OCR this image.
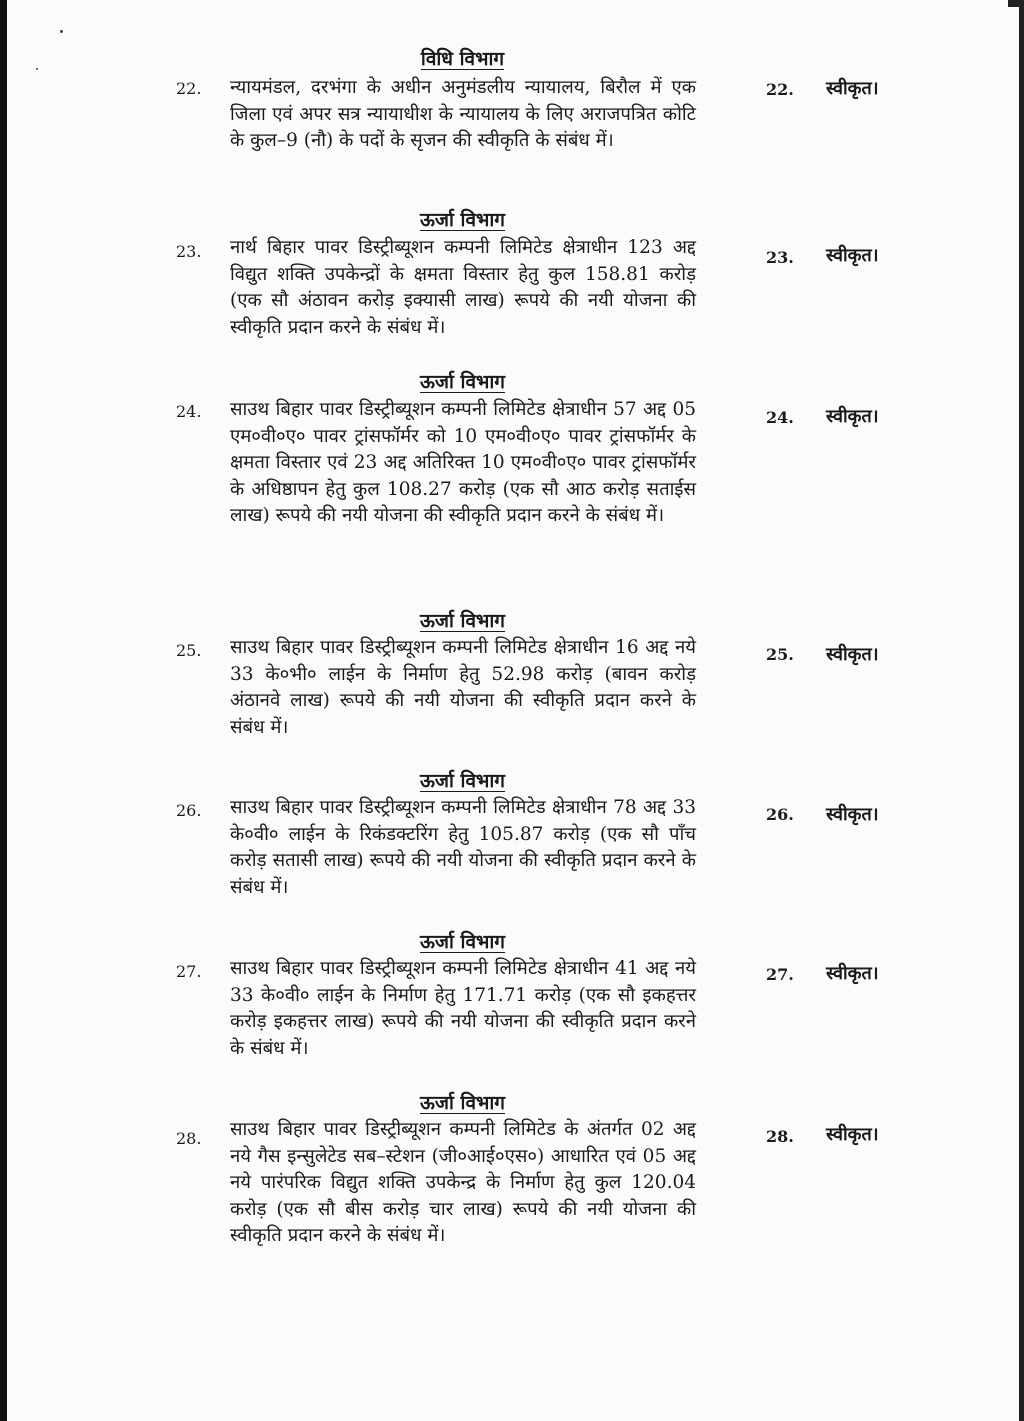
विधि विभाग
22. न्यायमंडल, दरभंगा के अधीन अनुमंडलीय न्यायालय, बिरौल में एक जिला एवं अपर सत्र न्यायाधीश के न्यायालय के लिए अराजपत्रित कोटि के कुल–9 (नौ) के पदों के सृजन की स्वीकृति के संबंध में।

22. स्वीकृत।
ऊर्जा विभाग
23. नार्थ बिहार पावर डिस्ट्रीब्यूशन कम्पनी लिमिटेड क्षेत्राधीन 123 अद्द विद्युत शक्ति उपकेन्द्रों के क्षमता विस्तार हेतु कुल 158.81 करोड़ (एक सौ अंठावन करोड़ इक्यासी लाख) रूपये की नयी योजना की स्वीकृति प्रदान करने के संबंध में।

23. स्वीकृत।
ऊर्जा विभाग
24. साउथ बिहार पावर डिस्ट्रीब्यूशन कम्पनी लिमिटेड क्षेत्राधीन 57 अद्द 05 एम०वी०ए० पावर ट्रांसफॉर्मर को 10 एम०वी०ए० पावर ट्रांसफॉर्मर के क्षमता विस्तार एवं 23 अद्द अतिरिक्त 10 एम०वी०ए० पावर ट्रांसफॉर्मर के अधिष्ठापन हेतु कुल 108.27 करोड़ (एक सौ आठ करोड़ सताईस लाख) रूपये की नयी योजना की स्वीकृति प्रदान करने के संबंध में।

24. स्वीकृत।
ऊर्जा विभाग
25. साउथ बिहार पावर डिस्ट्रीब्यूशन कम्पनी लिमिटेड क्षेत्राधीन 16 अद्द नये 33 के०भी० लाईन के निर्माण हेतु 52.98 करोड़ (बावन करोड़ अंठानवे लाख) रूपये की नयी योजना की स्वीकृति प्रदान करने के संबंध में।

25. स्वीकृत।
ऊर्जा विभाग
26. साउथ बिहार पावर डिस्ट्रीब्यूशन कम्पनी लिमिटेड क्षेत्राधीन 78 अद्द 33 के०वी० लाईन के रिकंडक्टरिंग हेतु 105.87 करोड़ (एक सौ पाँच करोड़ सतासी लाख) रूपये की नयी योजना की स्वीकृति प्रदान करने के संबंध में।

26. स्वीकृत।
ऊर्जा विभाग
27. साउथ बिहार पावर डिस्ट्रीब्यूशन कम्पनी लिमिटेड क्षेत्राधीन 41 अद्द नये 33 के०वी० लाईन के निर्माण हेतु 171.71 करोड़ (एक सौ इकहत्तर करोड़ इकहत्तर लाख) रूपये की नयी योजना की स्वीकृति प्रदान करने के संबंध में।

27. स्वीकृत।
ऊर्जा विभाग
28. साउथ बिहार पावर डिस्ट्रीब्यूशन कम्पनी लिमिटेड के अंतर्गत 02 अद्द नये गैस इन्सुलेटेड सब–स्टेशन (जी०आई०एस०) आधारित एवं 05 अद्द नये पारंपरिक विद्युत शक्ति उपकेन्द्र के निर्माण हेतु कुल 120.04 करोड़ (एक सौ बीस करोड़ चार लाख) रूपये की नयी योजना की स्वीकृति प्रदान करने के संबंध में।

28. स्वीकृत।
